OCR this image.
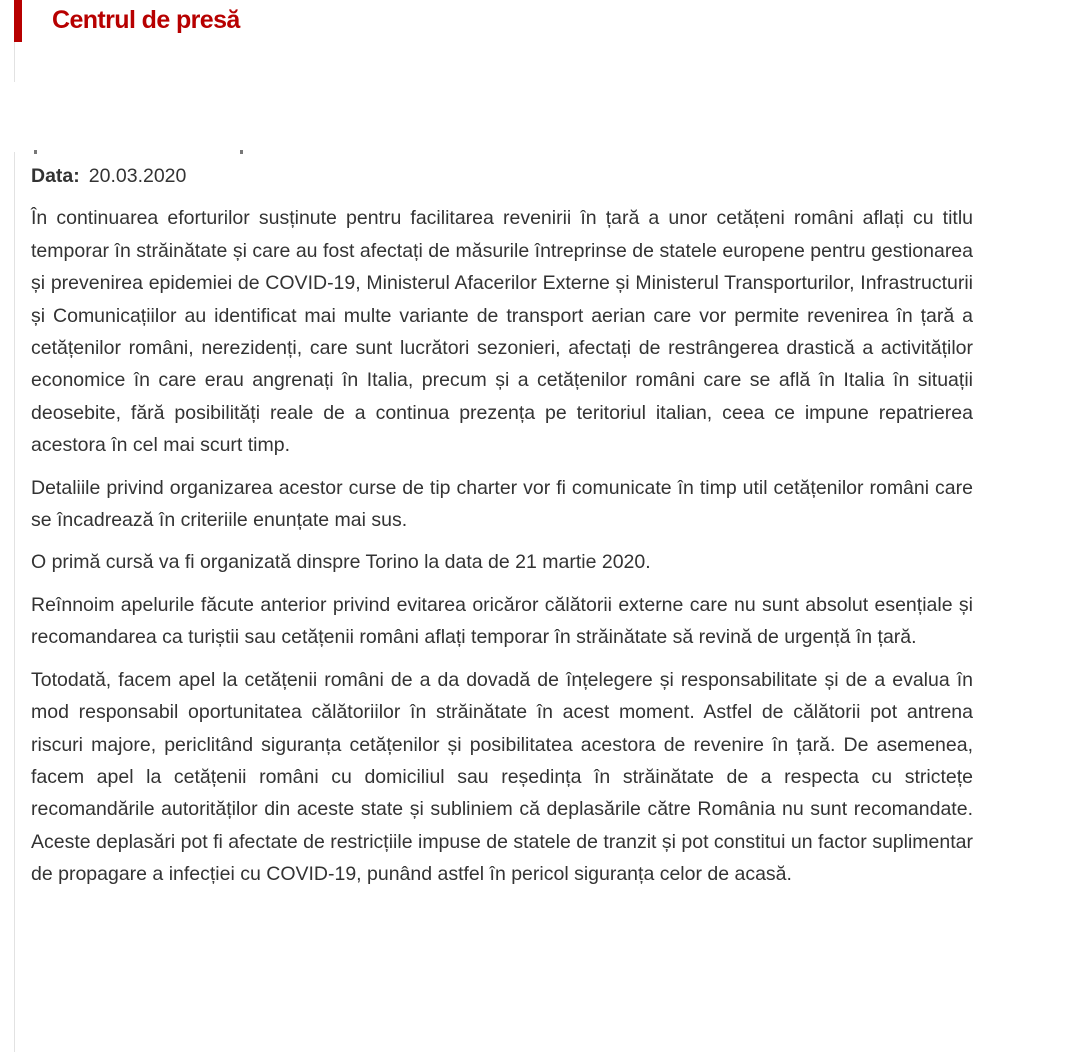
Centrul de presă
Data: 20.03.2020

În continuarea eforturilor susținute pentru facilitarea revenirii în țară a unor cetățeni români aflați cu titlu temporar în străinătate și care au fost afectați de măsurile întreprinse de statele europene pentru gestionarea și prevenirea epidemiei de COVID-19, Ministerul Afacerilor Externe și Ministerul Transporturilor, Infrastructurii și Comunicațiilor au identificat mai multe variante de transport aerian care vor permite revenirea în țară a cetățenilor români, nerezidenți, care sunt lucrători sezonieri, afectați de restrângerea drastică a activităților economice în care erau angrenați în Italia, precum și a cetățenilor români care se află în Italia în situații deosebite, fără posibilități reale de a continua prezența pe teritoriul italian, ceea ce impune repatrierea acestora în cel mai scurt timp.

Detaliile privind organizarea acestor curse de tip charter vor fi comunicate în timp util cetățenilor români care se încadrează în criteriile enunțate mai sus.

O primă cursă va fi organizată dinspre Torino la data de 21 martie 2020.

Reînnoim apelurile făcute anterior privind evitarea oricăror călătorii externe care nu sunt absolut esențiale și recomandarea ca turiștii sau cetățenii români aflați temporar în străinătate să revină de urgență în țară.

Totodată, facem apel la cetățenii români de a da dovadă de înțelegere și responsabilitate și de a evalua în mod responsabil oportunitatea călătoriilor în străinătate în acest moment. Astfel de călătorii pot antrena riscuri majore, periclitând siguranța cetățenilor și posibilitatea acestora de revenire în țară. De asemenea, facem apel la cetățenii români cu domiciliul sau reședința în străinătate de a respecta cu strictețe recomandările autorităților din aceste state și subliniem că deplasările către România nu sunt recomandate. Aceste deplasări pot fi afectate de restricțiile impuse de statele de tranzit și pot constitui un factor suplimentar de propagare a infecției cu COVID-19, punând astfel în pericol siguranța celor de acasă.
